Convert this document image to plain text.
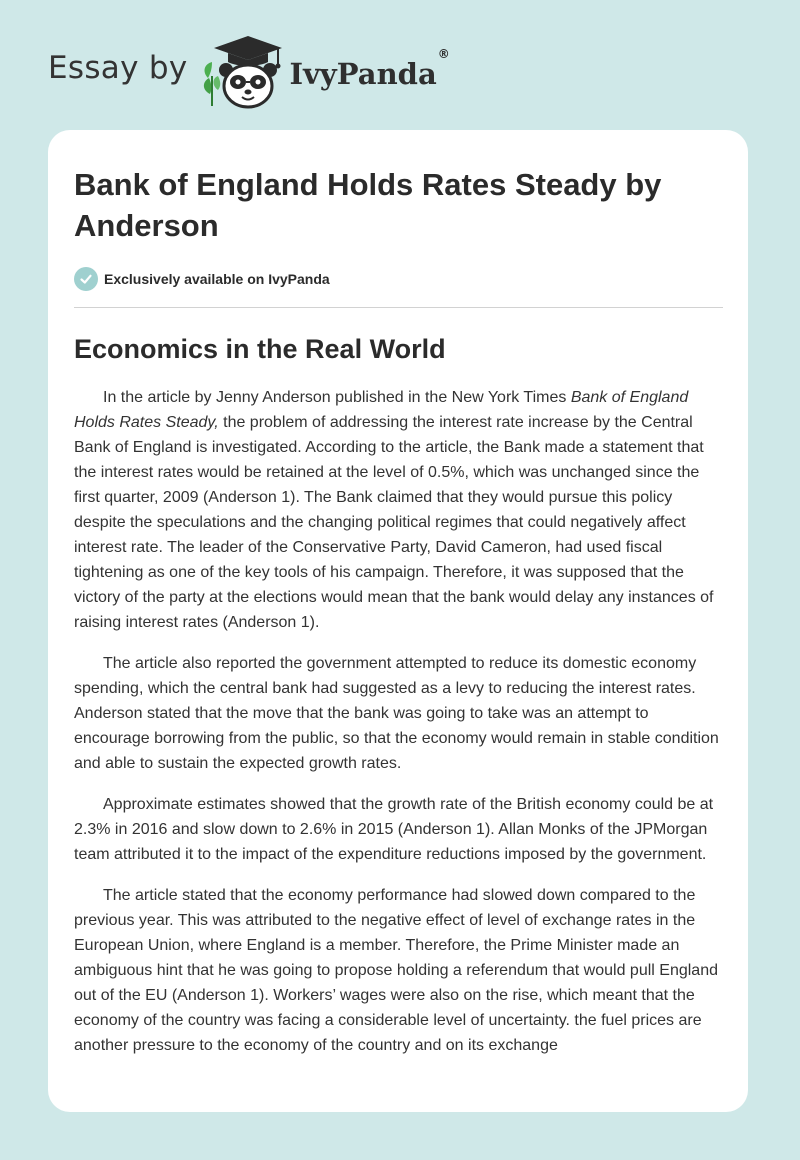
Essay by	IvyPanda®
Bank of England Holds Rates Steady by Anderson
Exclusively available on IvyPanda
Economics in the Real World

In the article by Jenny Anderson published in the New York Times Bank of England Holds Rates Steady, the problem of addressing the interest rate increase by the Central Bank of England is investigated. According to the article, the Bank made a statement that the interest rates would be retained at the level of 0.5%, which was unchanged since the first quarter, 2009 (Anderson 1). The Bank claimed that they would pursue this policy despite the speculations and the changing political regimes that could negatively affect interest rate. The leader of the Conservative Party, David Cameron, had used fiscal tightening as one of the key tools of his campaign. Therefore, it was supposed that the victory of the party at the elections would mean that the bank would delay any instances of raising interest rates (Anderson 1).

The article also reported the government attempted to reduce its domestic economy spending, which the central bank had suggested as a levy to reducing the interest rates. Anderson stated that the move that the bank was going to take was an attempt to encourage borrowing from the public, so that the economy would remain in stable condition and able to sustain the expected growth rates.

Approximate estimates showed that the growth rate of the British economy could be at 2.3% in 2016 and slow down to 2.6% in 2015 (Anderson 1). Allan Monks of the JPMorgan team attributed it to the impact of the expenditure reductions imposed by the government.

The article stated that the economy performance had slowed down compared to the previous year. This was attributed to the negative effect of level of exchange rates in the European Union, where England is a member. Therefore, the Prime Minister made an ambiguous hint that he was going to propose holding a referendum that would pull England out of the EU (Anderson 1). Workers’ wages were also on the rise, which meant that the economy of the country was facing a considerable level of uncertainty. the fuel prices are another pressure to the economy of the country and on its exchange
